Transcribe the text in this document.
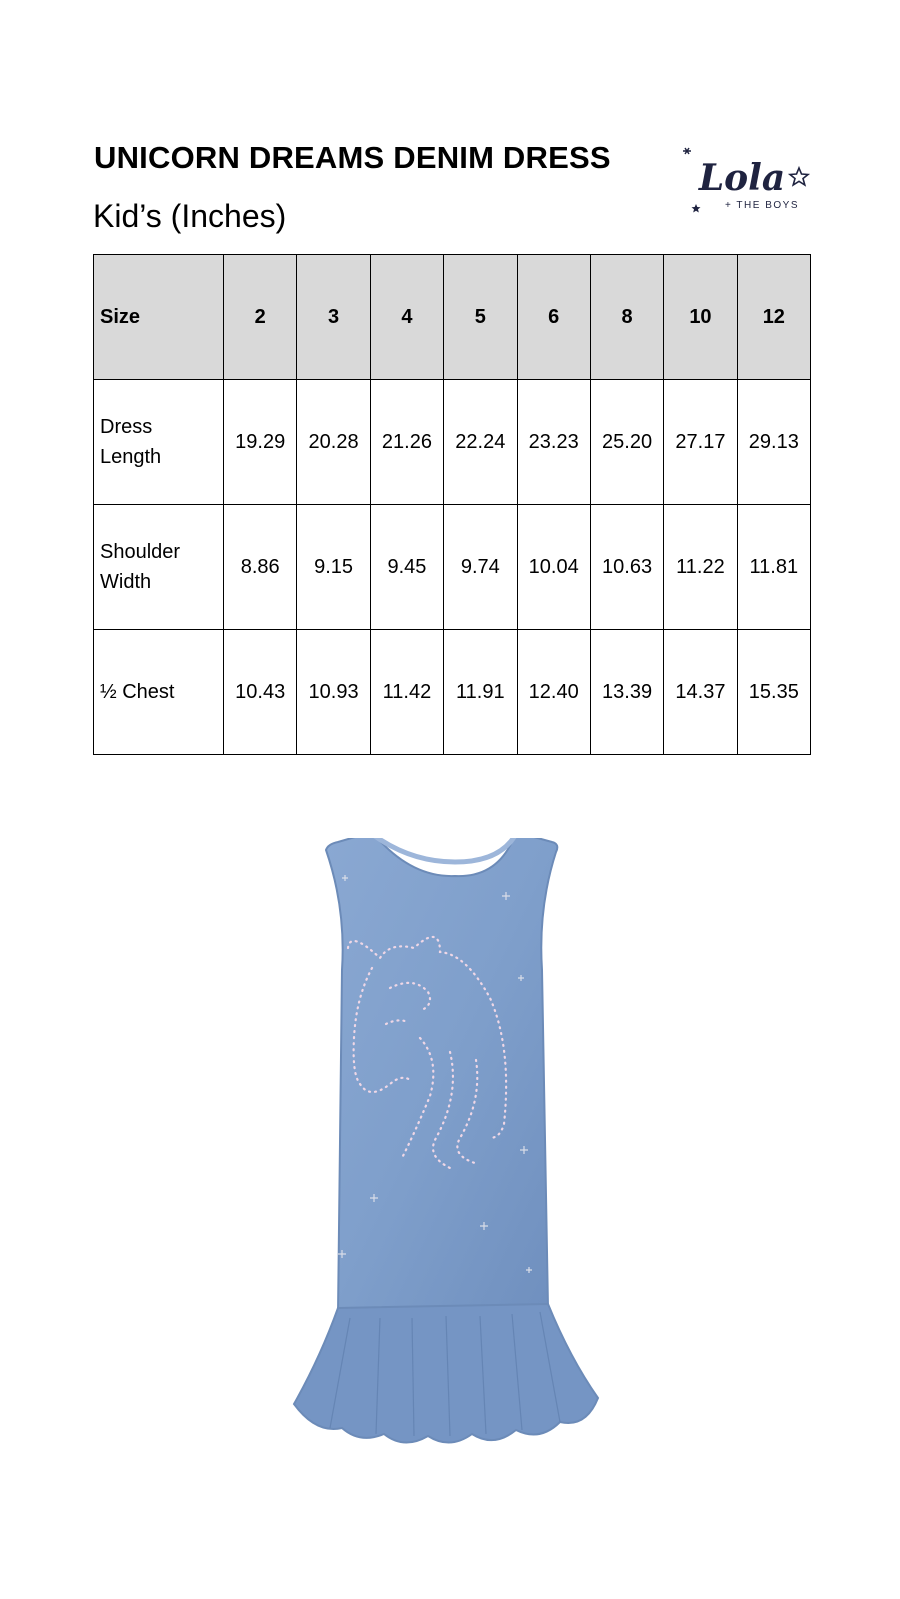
UNICORN DREAMS DENIM DRESS
Kid’s (Inches)
Lola
+ THE BOYS
Size	2	3	4	5	6	8	10	12
Dress
Length	19.29	20.28	21.26	22.24	23.23	25.20	27.17	29.13
Shoulder
Width	8.86	9.15	9.45	9.74	10.04	10.63	11.22	11.81
½ Chest	10.43	10.93	11.42	11.91	12.40	13.39	14.37	15.35
